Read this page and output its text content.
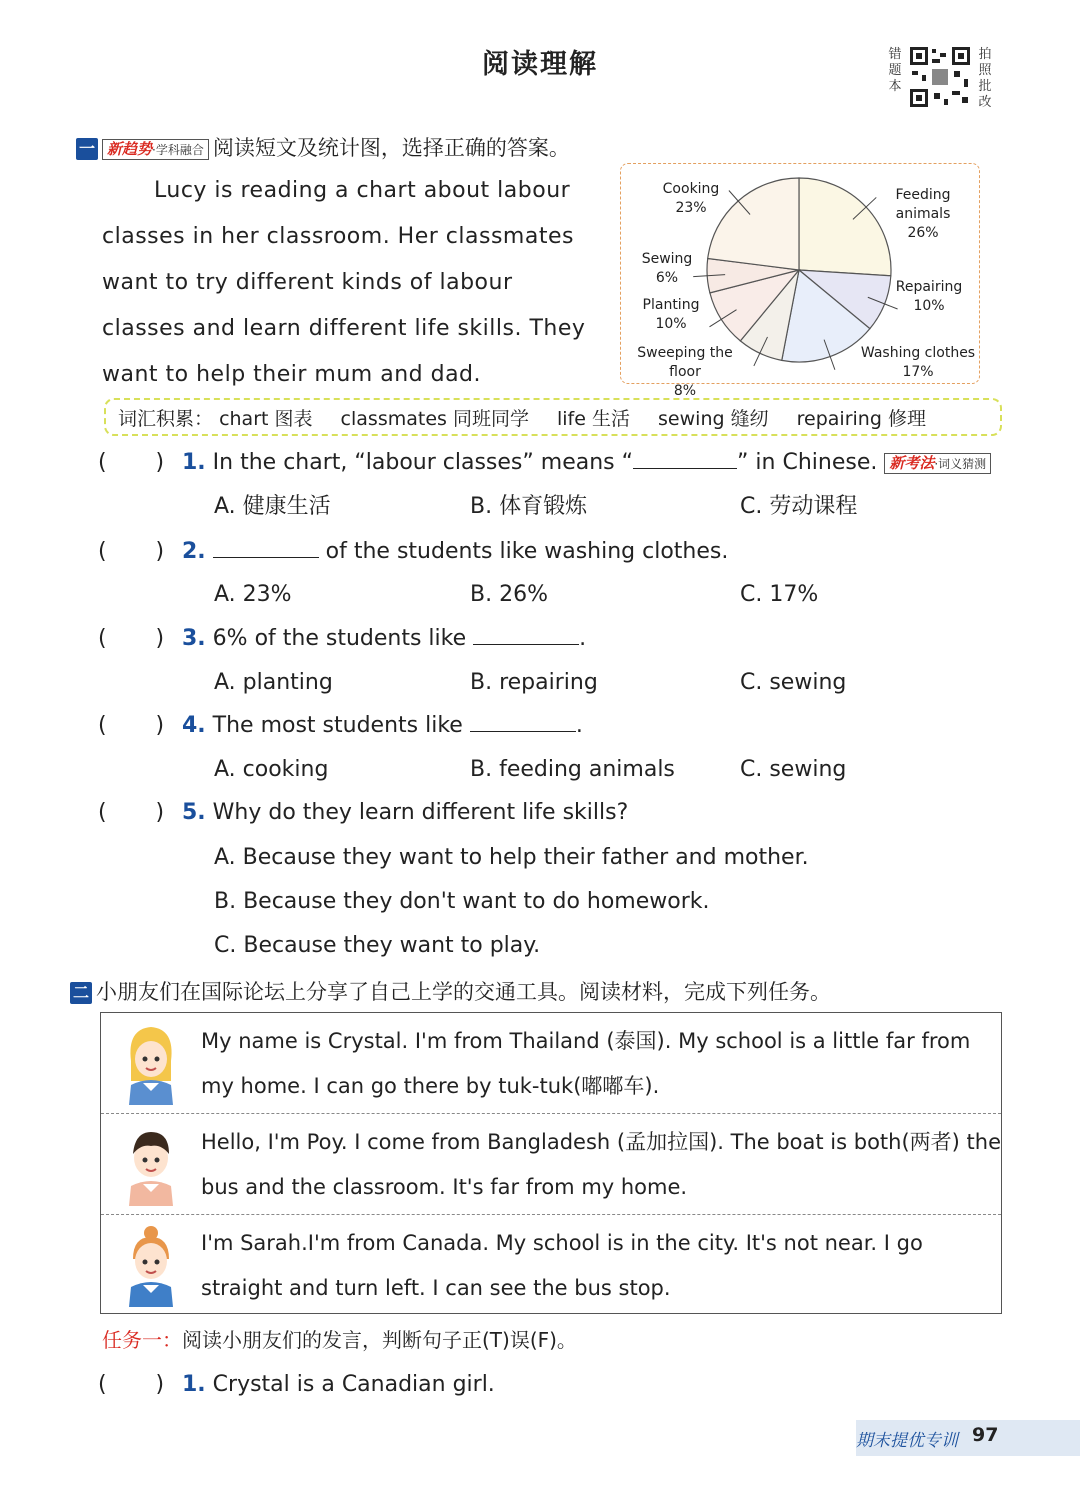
阅读理解	错题本
拍照批改
一 新趋势·学科融合 阅读短文及统计图，选择正确的答案。

Lucy is reading a chart about labour classes in her classroom. Her classmates want to try different kinds of labour classes and learn different life skills. They want to help their mum and dad.

Feeding
animals
26%
Repairing
10%
Washing clothes
17%
Sweeping the floor
8%
Planting
10%
Sewing
6%
Cooking
23%
词汇积累： chart 图表 classmates 同班同学 life 生活 sewing 缝纫 repairing 修理
(       ) 1. In the chart, “labour classes” means “	” in Chinese. 新考法·词义猜测
A. 健康生活	B. 体育锻炼	C. 劳动课程
(       ) 2.	of the students like washing clothes.
A. 23%	B. 26%	C. 17%
(       ) 3. 6% of the students like	.
A. planting	B. repairing	C. sewing
(       ) 4. The most students like	.
A. cooking	B. feeding animals	C. sewing
(       ) 5. Why do they learn different life skills?
A. Because they want to help their father and mother.
B. Because they don't want to do homework.
C. Because they want to play.
二 小朋友们在国际论坛上分享了自己上学的交通工具。阅读材料，完成下列任务。
My name is Crystal. I'm from Thailand (泰国). My school is a little far from my home. I can go there by tuk-tuk(嘟嘟车).
Hello, I'm Poy. I come from Bangladesh (孟加拉国). The boat is both(两者) the bus and the classroom. It's far from my home.
I'm Sarah.I'm from Canada. My school is in the city. It's not near. I go straight and turn left. I can see the bus stop.
任务一：阅读小朋友们的发言，判断句子正(T)误(F)。
(       ) 1. Crystal is a Canadian girl.
期末提优专训 97
